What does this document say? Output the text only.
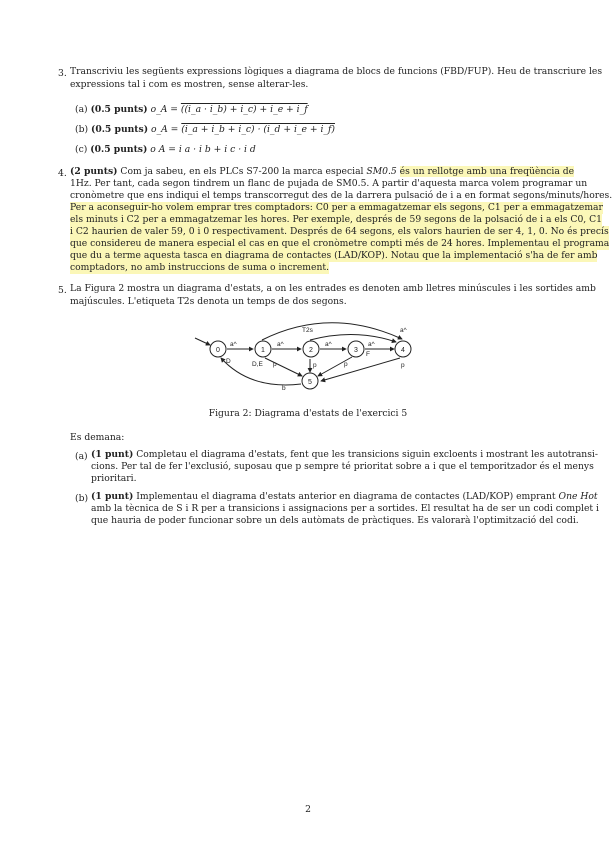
3. Transcriviu les següents expressions lògiques a diagrama de blocs de funcions (FBD/FUP). Heu de transcriure les
expressions tal i com es mostren, sense alterar-les.
(a) (0.5 punts) o_A = ((i_a · i_b) + i_c) + i_e + i_f
(b) (0.5 punts) o_A = (i_a + i_b + i_c) · (i_d + i_e + i_f)
(c) (0.5 punts) o A = i a · i b + i c · i d
4. (2 punts) Com ja sabeu, en els PLCs S7-200 la marca especial SM0.5 és un rellotge amb una freqüència de
1Hz. Per tant, cada segon tindrem un flanc de pujada de SM0.5. A partir d'aquesta marca volem programar un
cronòmetre que ens indiqui el temps transcorregut des de la darrera pulsació de i a en format segons/minuts/hores.
Per a aconseguir-ho volem emprar tres comptadors: C0 per a emmagatzemar els segons, C1 per a emmagatzemar
els minuts i C2 per a emmagatzemar les hores. Per exemple, després de 59 segons de la polsació de i a els C0, C1
i C2 haurien de valer 59, 0 i 0 respectivament. Després de 64 segons, els valors haurien de ser 4, 1, 0. No és precís
que considereu de manera especial el cas en que el cronòmetre compti més de 24 hores. Implementau el programa
que du a terme aquesta tasca en diagrama de contactes (LAD/KOP). Notau que la implementació s'ha de fer amb
comptadors, no amb instruccions de suma o increment.
5. La Figura 2 mostra un diagrama d'estats, a on les entrades es denoten amb lletres minúscules i les sortides amb
majúscules. L'etiqueta T2s denota un temps de dos segons.
0	1	2	3	4
5
D	D,E
F
a^	a^	a^	a^
a^
T2s
p	p	p	p
b
Figura 2: Diagrama d'estats de l'exercici 5
Es demana:
(a) (1 punt) Completau el diagrama d'estats, fent que les transicions siguin excloents i mostrant les autotransi-
cions. Per tal de fer l'exclusió, suposau que p sempre té prioritat sobre a i que el temporitzador és el menys
prioritari.
(b) (1 punt) Implementau el diagrama d'estats anterior en diagrama de contactes (LAD/KOP) emprant One Hot
amb la tècnica de S i R per a transicions i assignacions per a sortides. El resultat ha de ser un codi complet i
que hauria de poder funcionar sobre un dels autòmats de pràctiques. Es valorarà l'optimització del codi.
2
